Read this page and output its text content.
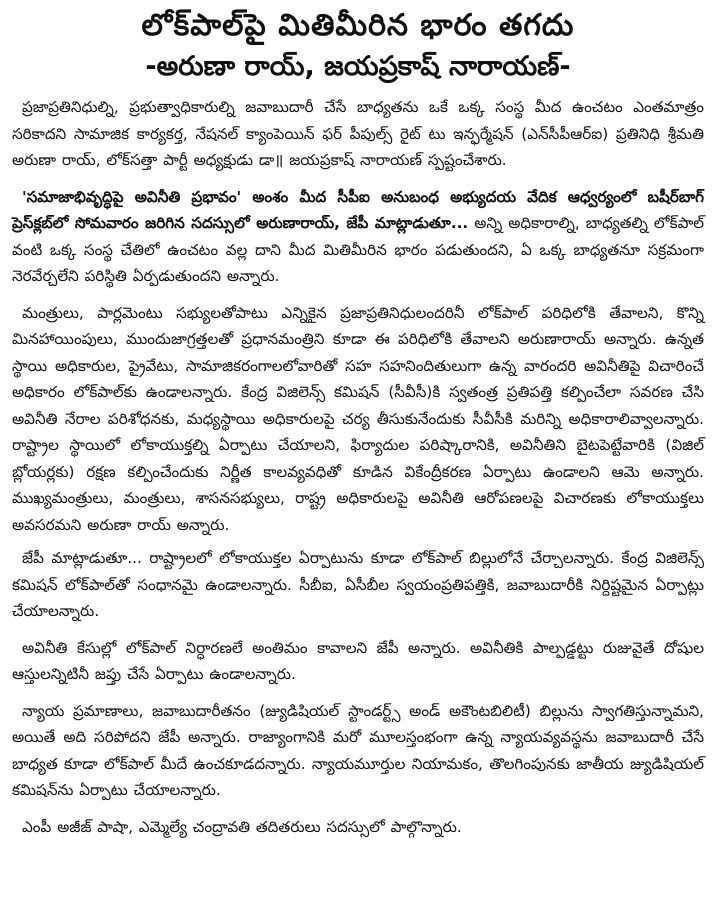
లోక్‌పాల్‌పై మితిమీరిన భారం తగదు
-అరుణా రాయ్‌, జయప్రకాష్‌ నారాయణ్‌-

ప్రజాప్రతినిధుల్ని, ప్రభుత్వాధికారుల్ని జవాబుదారీ చేసే బాధ్యతను ఒకే ఒక్క సంస్థ మీద ఉంచటం ఎంతమాత్రం సరికాదని సామాజిక కార్యకర్త, నేషనల్‌ క్యాంపెయిన్‌ ఫర్‌ పీపుల్స్‌ రైట్‌ టు ఇన్ఫర్మేషన్‌ (ఎన్‌సీపీఆర్‌ఐ) ప్రతినిధి శ్రీమతి అరుణా రాయ్‌, లోక్‌సత్తా పార్టీ అధ్యక్షుడు డా॥ జయప్రకాష్‌ నారాయణ్‌ స్పష్టంచేశారు.

'సమాజాభివృద్ధిపై అవినీతి ప్రభావం' అంశం మీద సీపీఐ అనుబంధ అభ్యుదయ వేదిక ఆధ్వర్యంలో బషీర్‌బాగ్‌ ప్రెస్‌క్లబ్‌లో సోమవారం జరిగిన సదస్సులో అరుణారాయ్‌, జేపీ మాట్లాడుతూ... అన్ని అధికారాల్ని, బాధ్యతల్ని లోక్‌పాల్‌ వంటి ఒక్క సంస్థ చేతిలో ఉంచటం వల్ల దాని మీద మితిమీరిన భారం పడుతుందని, ఏ ఒక్క బాధ్యతనూ సక్రమంగా నెరవేర్చలేని పరిస్థితి ఏర్పడుతుందని అన్నారు.

మంత్రులు, పార్లమెంటు సభ్యులతోపాటు ఎన్నికైన ప్రజాప్రతినిధులందరినీ లోక్‌పాల్‌ పరిధిలోకి తేవాలని, కొన్ని మినహాయింపులు, ముందుజాగ్రత్తలతో ప్రధానమంత్రిని కూడా ఈ పరిధిలోకి తేవాలని అరుణారాయ్‌ అన్నారు. ఉన్నత స్థాయి అధికారుల, ప్రైవేటు, సామాజికరంగాలలోవారితో సహ సహనిందితులుగా ఉన్న వారందరి అవినీతిపై విచారించే అధికారం లోక్‌పాల్‌కు ఉండాలన్నారు. కేంద్ర విజిలెన్స్‌ కమిషన్‌ (సీవీసీ)కి స్వతంత్ర ప్రతిపత్తి కల్పించేలా సవరణ చేసి అవినీతి నేరాల పరిశోధనకు, మధ్యస్థాయి అధికారులపై చర్య తీసుకునేందుకు సీవీసీకి మరిన్ని అధికారాలివ్వాలన్నారు. రాష్ట్రాల స్థాయిలో లోకాయుక్తల్ని ఏర్పాటు చేయాలని, ఫిర్యాదుల పరిష్కారానికి, అవినీతిని బైటపెట్టేవారికి (విజిల్‌ బ్లోయర్లకు) రక్షణ కల్పించేందుకు నిర్ణీత కాలవ్యవధితో కూడిన వికేంద్రీకరణ ఏర్పాటు ఉండాలని ఆమె అన్నారు. ముఖ్యమంత్రులు, మంత్రులు, శాసనసభ్యులు, రాష్ట్ర అధికారులపై అవినీతి ఆరోపణలపై విచారణకు లోకాయుక్తలు అవసరమని అరుణా రాయ్‌ అన్నారు.

జేపీ మాట్లాడుతూ... రాష్ట్రాలలో లోకాయుక్తల ఏర్పాటును కూడా లోక్‌పాల్‌ బిల్లులోనే చేర్చాలన్నారు. కేంద్ర విజిలెన్స్‌ కమిషన్‌ లోక్‌పాల్‌తో సంధానమై ఉండాలన్నారు. సీబీఐ, ఏసీబీల స్వయంప్రతిపత్తికి, జవాబుదారీకి నిర్దిష్టమైన ఏర్పాట్లు చేయాలన్నారు.

అవినీతి కేసుల్లో లోక్‌పాల్‌ నిర్ధారణలే అంతిమం కావాలని జేపీ అన్నారు. అవినీతికి పాల్పడ్డట్టు రుజువైతే దోషుల ఆస్తులన్నిటినీ జప్తు చేసే ఏర్పాటు ఉండాలన్నారు.

న్యాయ ప్రమాణాలు, జవాబుదారీతనం (జ్యుడిషియల్‌ స్టాండర్ట్స్‌ అండ్‌ అకౌంటబిలిటీ) బిల్లును స్వాగతిస్తున్నామని, అయితే అది సరిపోదని జేపీ అన్నారు. రాజ్యాంగానికి మరో మూలస్తంభంగా ఉన్న న్యాయవ్యవస్థను జవాబుదారీ చేసే బాధ్యత కూడా లోక్‌పాల్‌ మీదే ఉంచకూడదన్నారు. న్యాయమూర్తుల నియామకం, తొలగింపునకు జాతీయ జ్యుడిషియల్‌ కమిషన్‌ను ఏర్పాటు చేయాలన్నారు.

ఎంపీ అజీజ్‌ పాషా, ఎమ్మెల్యే చంద్రావతి తదితరులు సదస్సులో పాల్గొన్నారు.
